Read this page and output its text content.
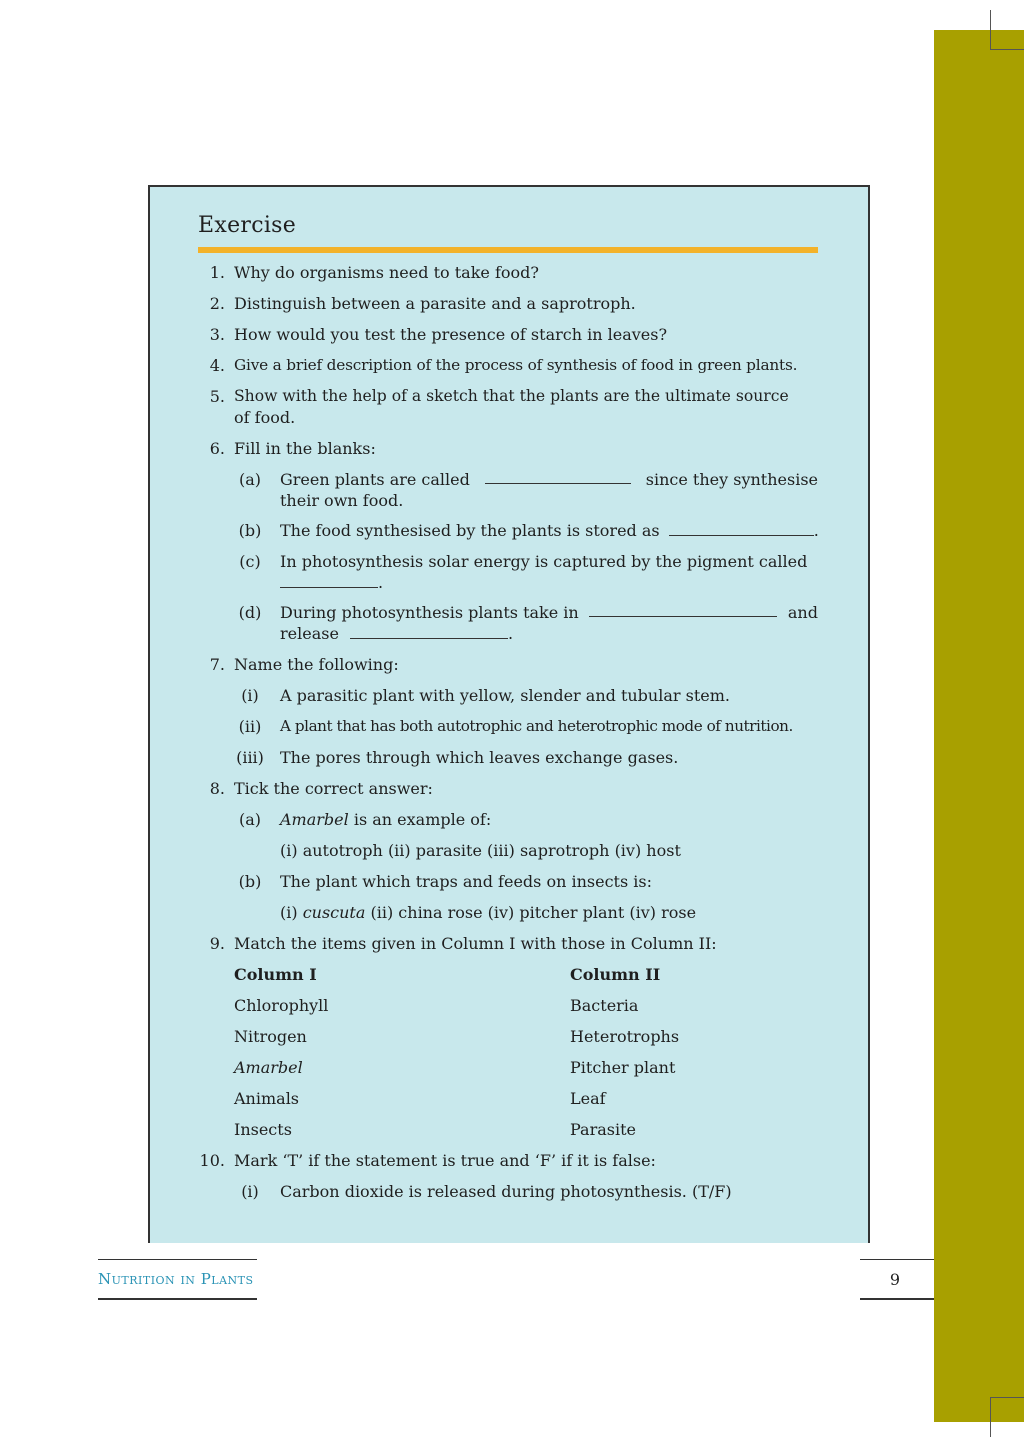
Exercise
1. Why do organisms need to take food?
2. Distinguish between a parasite and a saprotroph.
3. How would you test the presence of starch in leaves?
4. Give a brief description of the process of synthesis of food in green plants.
5. Show with the help of a sketch that the plants are the ultimate source
of food.
6. Fill in the blanks:
(a)	Green plants are called	since they synthesise
their own food.
(b) The food synthesised by the plants is stored as	.
(c)	In photosynthesis solar energy is captured by the pigment called
.
(d) During photosynthesis plants take in	and
release	.
7. Name the following:
(i)	A parasitic plant with yellow, slender and tubular stem.
(ii)	A plant that has both autotrophic and heterotrophic mode of nutrition.
(iii) The pores through which leaves exchange gases.
8. Tick the correct answer:
(a)	Amarbel is an example of:
(i) autotroph (ii) parasite (iii) saprotroph (iv) host
(b) The plant which traps and feeds on insects is:
(i) cuscuta (ii) china rose (iv) pitcher plant (iv) rose
9. Match the items given in Column I with those in Column II:
Column I	Column II
Chlorophyll	Bacteria
Nitrogen	Heterotrophs
Amarbel	Pitcher plant
Animals	Leaf
Insects	Parasite
10. Mark ‘T’ if the statement is true and ‘F’ if it is false:
(i)	Carbon dioxide is released during photosynthesis. (T/F)
Nutrition in Plants	9
